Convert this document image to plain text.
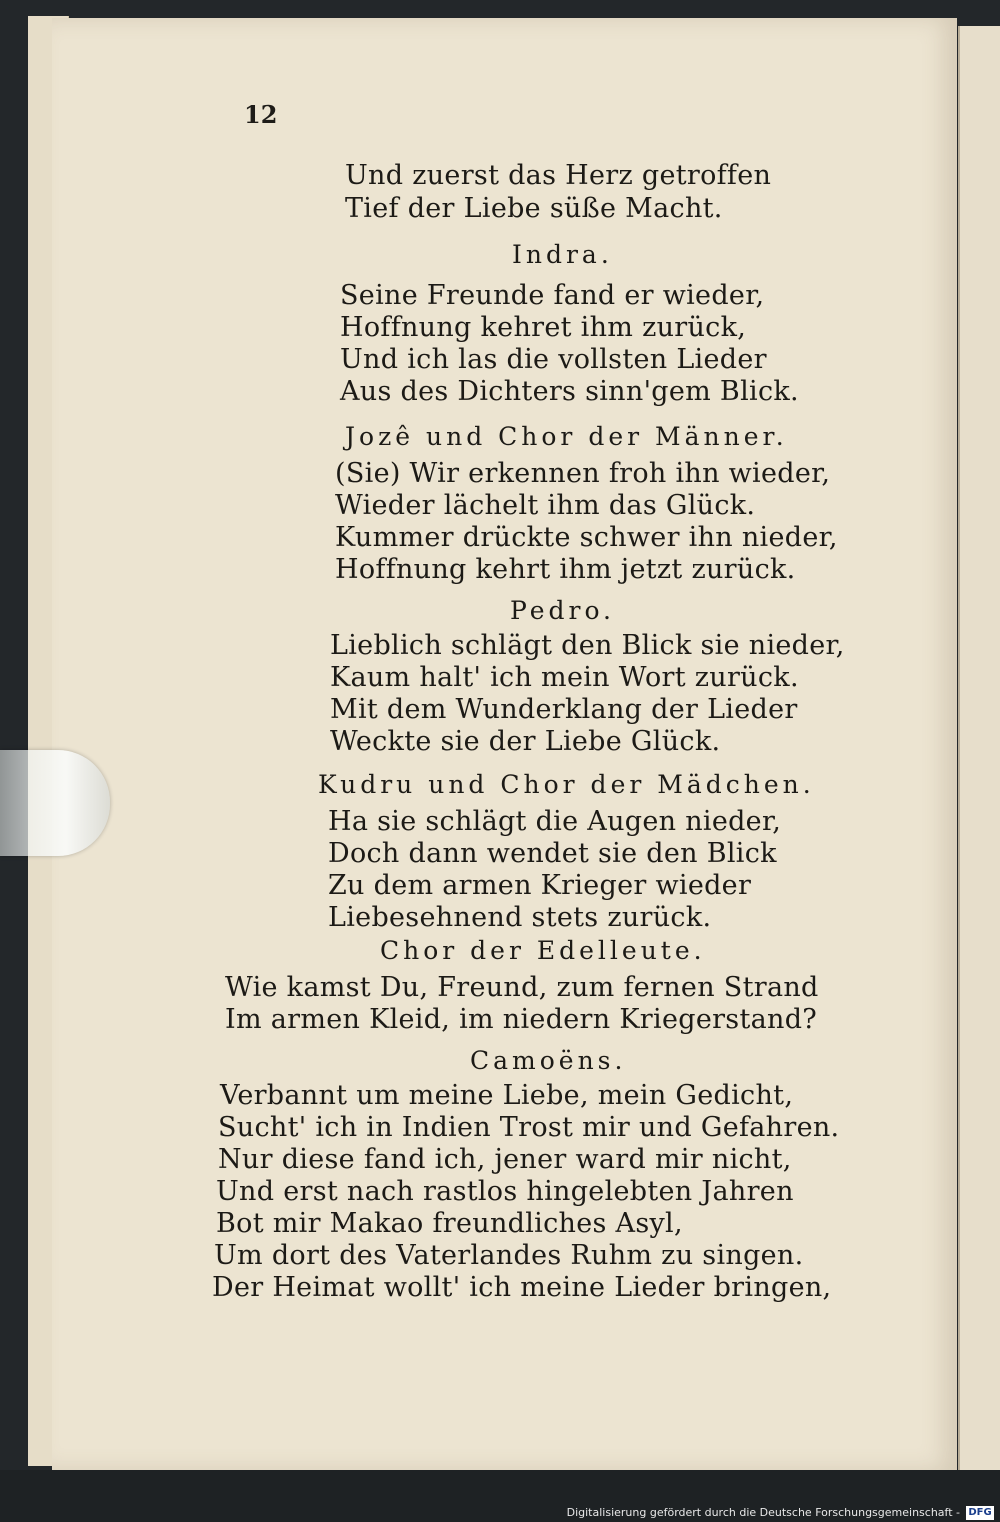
12
Und zuerst das Herz getroffen
Tief der Liebe süße Macht.
Indra.
Seine Freunde fand er wieder,
Hoffnung kehret ihm zurück,
Und ich las die vollsten Lieder
Aus des Dichters sinn'gem Blick.
Jozê und Chor der Männer.
(Sie) Wir erkennen froh ihn wieder,
Wieder lächelt ihm das Glück.
Kummer drückte schwer ihn nieder,
Hoffnung kehrt ihm jetzt zurück.
Pedro.
Lieblich schlägt den Blick sie nieder,
Kaum halt' ich mein Wort zurück.
Mit dem Wunderklang der Lieder
Weckte sie der Liebe Glück.
Kudru und Chor der Mädchen.
Ha sie schlägt die Augen nieder,
Doch dann wendet sie den Blick
Zu dem armen Krieger wieder
Liebesehnend stets zurück.
Chor der Edelleute.
Wie kamst Du, Freund, zum fernen Strand
Im armen Kleid, im niedern Kriegerstand?
Camoëns.
Verbannt um meine Liebe, mein Gedicht,
Sucht' ich in Indien Trost mir und Gefahren.
Nur diese fand ich, jener ward mir nicht,
Und erst nach rastlos hingelebten Jahren
Bot mir Makao freundliches Asyl,
Um dort des Vaterlandes Ruhm zu singen.
Der Heimat wollt' ich meine Lieder bringen,
Digitalisierung gefördert durch die Deutsche Forschungsgemeinschaft - DFG
